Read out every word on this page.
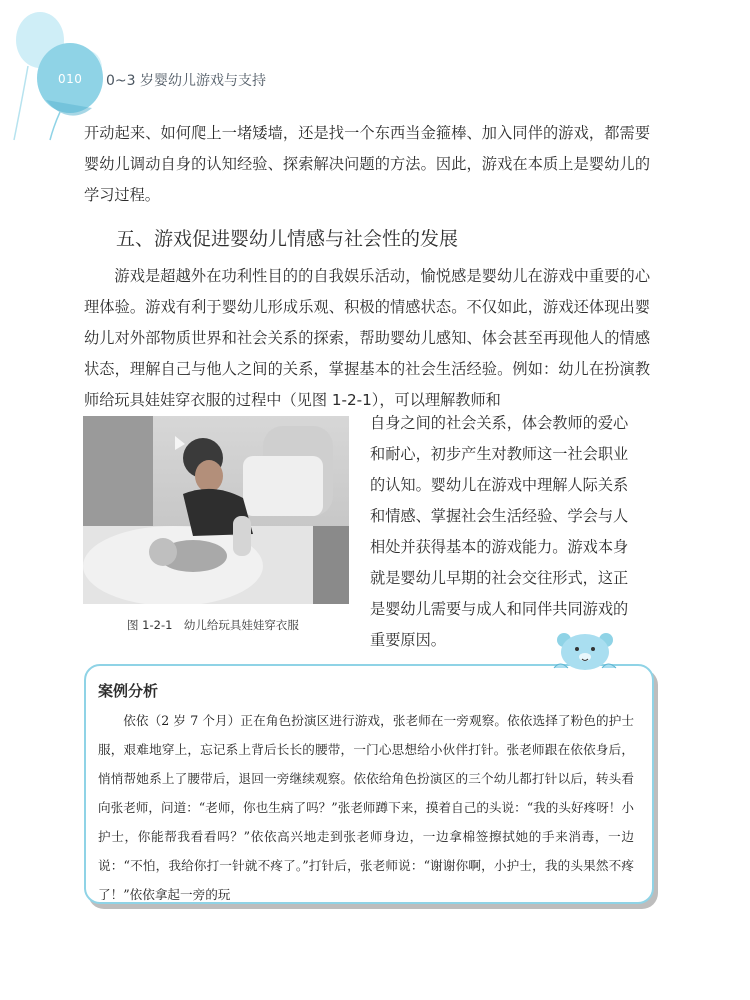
010 0~3 岁婴幼儿游戏与支持

开动起来、如何爬上一堵矮墙，还是找一个东西当金箍棒、加入同伴的游戏，都需要婴幼儿调动自身的认知经验、探索解决问题的方法。因此，游戏在本质上是婴幼儿的学习过程。

五、游戏促进婴幼儿情感与社会性的发展

游戏是超越外在功利性目的的自我娱乐活动，愉悦感是婴幼儿在游戏中重要的心理体验。游戏有利于婴幼儿形成乐观、积极的情感状态。不仅如此，游戏还体现出婴幼儿对外部物质世界和社会关系的探索，帮助婴幼儿感知、体会甚至再现他人的情感状态，理解自己与他人之间的关系，掌握基本的社会生活经验。例如：幼儿在扮演教师给玩具娃娃穿衣服的过程中（见图 1-2-1），可以理解教师和

图 1-2-1　幼儿给玩具娃娃穿衣服
自身之间的社会关系，体会教师的爱心
和耐心，初步产生对教师这一社会职业
的认知。婴幼儿在游戏中理解人际关系
和情感、掌握社会生活经验、学会与人
相处并获得基本的游戏能力。游戏本身
就是婴幼儿早期的社会交往形式，这正
是婴幼儿需要与成人和同伴共同游戏的
重要原因。
案例分析

依依（2 岁 7 个月）正在角色扮演区进行游戏，张老师在一旁观察。依依选择了粉色的护士服，艰难地穿上，忘记系上背后长长的腰带，一门心思想给小伙伴打针。张老师跟在依依身后，悄悄帮她系上了腰带后，退回一旁继续观察。依依给角色扮演区的三个幼儿都打针以后，转头看向张老师，问道：“老师，你也生病了吗？”张老师蹲下来，摸着自己的头说：“我的头好疼呀！小护士，你能帮我看看吗？”依依高兴地走到张老师身边，一边拿棉签擦拭她的手来消毒，一边说：“不怕，我给你打一针就不疼了。”打针后，张老师说：“谢谢你啊，小护士，我的头果然不疼了！”依依拿起一旁的玩
